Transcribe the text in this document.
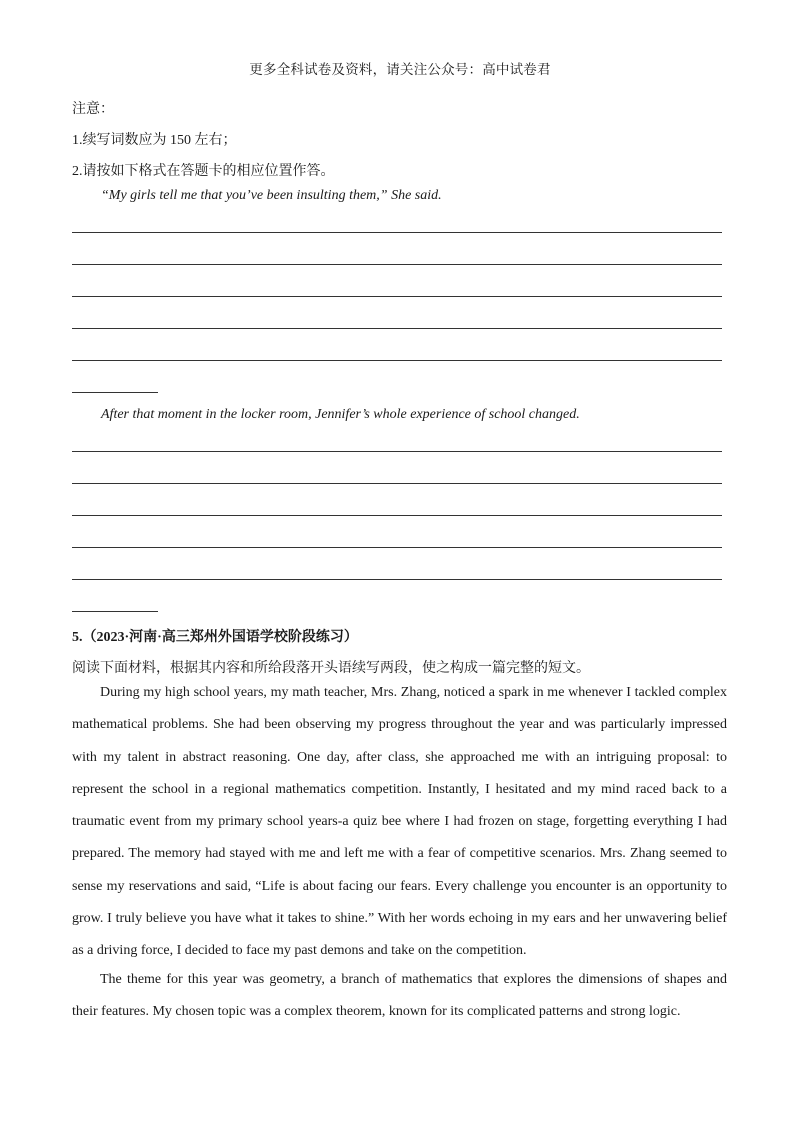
更多全科试卷及资料，请关注公众号：高中试卷君
注意：
1.续写词数应为 150 左右；
2.请按如下格式在答题卡的相应位置作答。
“My girls tell me that you’ve been insulting them,” She said.
After that moment in the locker room, Jennifer’s whole experience of school changed.
5.（2023·河南·高三郑州外国语学校阶段练习）
阅读下面材料，根据其内容和所给段落开头语续写两段，使之构成一篇完整的短文。

During my high school years, my math teacher, Mrs. Zhang, noticed a spark in me whenever I tackled complex mathematical problems. She had been observing my progress throughout the year and was particularly impressed with my talent in abstract reasoning. One day, after class, she approached me with an intriguing proposal: to represent the school in a regional mathematics competition. Instantly, I hesitated and my mind raced back to a traumatic event from my primary school years-a quiz bee where I had frozen on stage, forgetting everything I had prepared. The memory had stayed with me and left me with a fear of competitive scenarios. Mrs. Zhang seemed to sense my reservations and said, “Life is about facing our fears. Every challenge you encounter is an opportunity to grow. I truly believe you have what it takes to shine.” With her words echoing in my ears and her unwavering belief as a driving force, I decided to face my past demons and take on the competition.

The theme for this year was geometry, a branch of mathematics that explores the dimensions of shapes and their features. My chosen topic was a complex theorem, known for its complicated patterns and strong logic.
